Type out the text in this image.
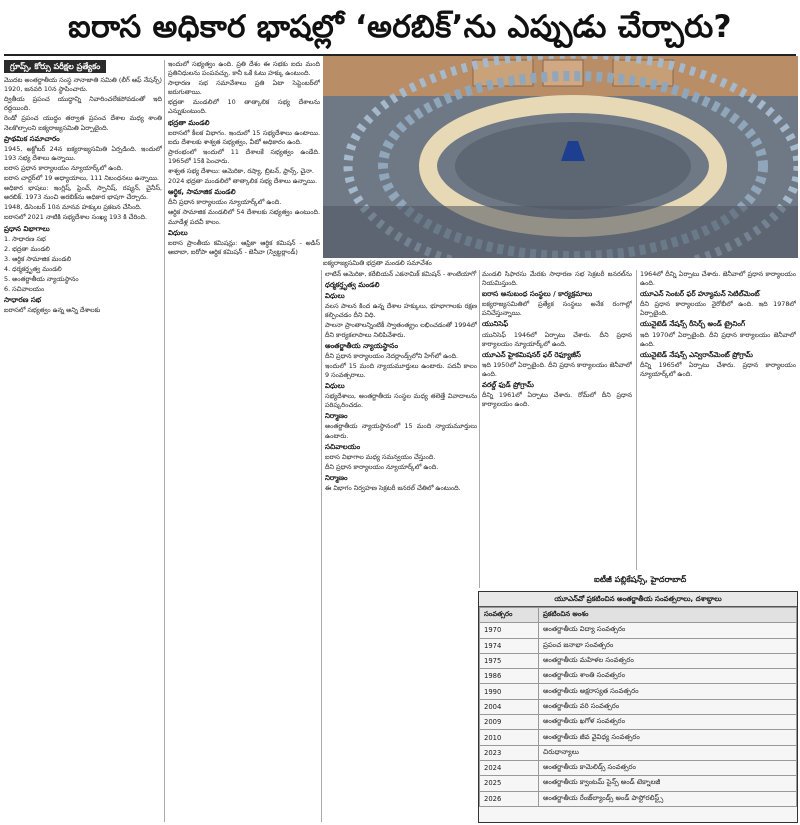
ఐరాస అధికార భాషల్లో ‘అరబిక్’ను ఎప్పుడు చేర్చారు?
గ్రూప్స్, కోర్సు పరీక్షల ప్రత్యేకం

మొదట అంతర్జాతీయ సంస్థ నానాజాతి సమితి (లీగ్ ఆఫ్ నేషన్స్) 1920, జనవరి 10న స్థాపించారు.

ద్వితీయ ప్రపంచ యుద్ధాన్ని నివారించలేకపోవడంతో ఇది రద్దయింది.

రెండో ప్రపంచ యుద్ధం తర్వాత ప్రపంచ దేశాల మధ్య శాంతి నెలకొల్పాలని ఐక్యరాజ్యసమితి ఏర్పాటైంది.

ప్రాథమిక సమాచారం

1945, అక్టోబర్ 24న ఐక్యరాజ్యసమితి ఏర్పడింది. ఇందులో 193 సభ్య దేశాలు ఉన్నాయి.

ఐరాస ప్రధాన కార్యాలయం న్యూయార్క్‌లో ఉంది.

ఐరాస చార్టర్‌లో 19 అధ్యాయాలు, 111 నిబంధనలు ఉన్నాయి.

అధికార భాషలు: ఇంగ్లిష్, ఫ్రెంచ్, స్పానిష్, రష్యన్, చైనీస్, అరబిక్. 1973 నుంచి అరబిక్‌ను అధికార భాషగా చేర్చారు.

1948, డిసెంబర్ 10న మానవ హక్కుల ప్రకటన చేసింది.

ఐరాసలో 2021 నాటికి సభ్యదేశాల సంఖ్య 193 కి చేరింది.

ప్రధాన విభాగాలు

1. సాధారణ సభ

2. భద్రతా మండలి

3. ఆర్థిక సామాజిక మండలి

4. ధర్మకర్తృత్వ మండలి

5. అంతర్జాతీయ న్యాయస్థానం

6. సచివాలయం

సాధారణ సభ

ఐరాసలో సభ్యత్వం ఉన్న అన్ని దేశాలకు

ఇందులో సభ్యత్వం ఉంది. ప్రతి దేశం ఈ సభకు ఐదు మంది ప్రతినిధులను పంపవచ్చు. కానీ ఒకే ఓటు హక్కు ఉంటుంది.

సాధారణ సభ సమావేశాలు ప్రతి ఏటా సెప్టెంబర్‌లో జరుగుతాయి.

భద్రతా మండలిలో 10 తాత్కాలిక సభ్య దేశాలను ఎన్నుకుంటుంది.

భద్రతా మండలి

ఐరాసలో కీలక విభాగం. ఇందులో 15 సభ్యదేశాలు ఉంటాయి. ఐదు దేశాలకు శాశ్వత సభ్యత్వం, వీటో అధికారం ఉంది.

ప్రారంభంలో ఇందులో 11 దేశాలకే సభ్యత్వం ఉండేది. 1965లో 15కి పెంచారు.

శాశ్వత సభ్య దేశాలు: అమెరికా, రష్యా, బ్రిటన్, ఫ్రాన్స్, చైనా.

2024 భద్రతా మండలిలో తాత్కాలిక సభ్య దేశాలు ఉన్నాయి.

ఆర్థిక, సామాజిక మండలి

దీని ప్రధాన కార్యాలయం న్యూయార్క్‌లో ఉంది.

ఆర్థిక సామాజిక మండలిలో 54 దేశాలకు సభ్యత్వం ఉంటుంది. మూడేళ్ల పదవీ కాలం.

విధులు

ఐరాస ప్రాంతీయ కమిషన్లు: ఆఫ్రికా ఆర్థిక కమిషన్ - అడిస్ అబాబా, ఐరోపా ఆర్థిక కమిషన్ - జెనీవా (స్విట్జర్లాండ్)

ఐక్యరాజ్యసమితి భద్రతా మండలి సమావేశం

లాటిన్ అమెరికా, కరేబియన్ ఎకనామిక్ కమిషన్ - శాంటియాగో

ధర్మకర్తృత్వ మండలి
విధులు

వలస పాలన కింద ఉన్న దేశాల హక్కులు, భూభాగాలకు రక్షణ కల్పించడం దీని విధి.

పాలనా ప్రాంతాలన్నింటికీ స్వాతంత్య్రం లభించడంతో 1994లో దీని కార్యకలాపాలు నిలిపివేశారు.

అంతర్జాతీయ న్యాయస్థానం

దీని ప్రధాన కార్యాలయం నెదర్లాండ్స్‌లోని హేగ్‌లో ఉంది.

ఇందులో 15 మంది న్యాయమూర్తులు ఉంటారు. పదవీ కాలం 9 సంవత్సరాలు.

విధులు

సభ్యదేశాలు, అంతర్జాతీయ సంస్థల మధ్య తలెత్తే వివాదాలను పరిష్కరించడం.

నిర్మాణం

అంతర్జాతీయ న్యాయస్థానంలో 15 మంది న్యాయమూర్తులు ఉంటారు.

సచివాలయం

ఐరాస విభాగాల మధ్య సమన్వయం చేస్తుంది.

దీని ప్రధాన కార్యాలయం న్యూయార్క్‌లో ఉంది.

నిర్మాణం

ఈ విభాగం నిర్వహణ సెక్రటరీ జనరల్ చేతిలో ఉంటుంది.

మండలి సిఫారసు మేరకు సాధారణ సభ సెక్రటరీ జనరల్‌ను నియమిస్తుంది.

ఐరాస అనుబంధ సంస్థలు / కార్యక్రమాలు

ఐక్యరాజ్యసమితిలో ప్రత్యేక సంస్థలు అనేక రంగాల్లో పనిచేస్తున్నాయి.

యునిసెఫ్

యునిసెఫ్ 1946లో ఏర్పాటు చేశారు. దీని ప్రధాన కార్యాలయం న్యూయార్క్‌లో ఉంది.

యూఎన్‌ హైకమిషనర్‌ ఫర్‌ రెఫ్యూజీస్‌

ఇది 1950లో ఏర్పాటైంది. దీని ప్రధాన కార్యాలయం జెనీవాలో ఉంది.

వరల్డ్‌ ఫుడ్‌ ప్రోగ్రామ్‌

దీన్ని 1961లో ఏర్పాటు చేశారు. రోమ్‌లో దీని ప్రధాన కార్యాలయం ఉంది.

1964లో దీన్ని ఏర్పాటు చేశారు. జెనీవాలో ప్రధాన కార్యాలయం ఉంది.

యూఎన్‌ సెంటర్‌ ఫర్‌ హ్యూమన్‌ సెటిల్‌మెంట్‌

దీని ప్రధాన కార్యాలయం నైరోబీలో ఉంది. ఇది 1978లో ఏర్పాటైంది.

యునైటెడ్‌ నేషన్స్‌ రీసెర్చ్‌ అండ్‌ ట్రైనింగ్‌

ఇది 1970లో ఏర్పాటైంది. దీని ప్రధాన కార్యాలయం జెనీవాలో ఉంది.

యునైటెడ్‌ నేషన్స్‌ ఎన్విరాన్‌మెంట్‌ ప్రోగ్రామ్‌

దీన్ని 1965లో ఏర్పాటు చేశారు. ప్రధాన కార్యాలయం న్యూయార్క్‌లో ఉంది.

ఐటీజీ పబ్లికేషన్స్‌, హైదరాబాద్‌
యూఎన్‌వో ప్రకటించిన అంతర్జాతీయ సంవత్సరాలు, దశాబ్దాలు
సంవత్సరం	ప్రకటించిన అంశం
1970	అంతర్జాతీయ విద్యా సంవత్సరం
1974	ప్రపంచ జనాభా సంవత్సరం
1975	అంతర్జాతీయ మహిళల సంవత్సరం
1986	అంతర్జాతీయ శాంతి సంవత్సరం
1990	అంతర్జాతీయ అక్షరాస్యత సంవత్సరం
2004	అంతర్జాతీయ వరి సంవత్సరం
2009	అంతర్జాతీయ ఖగోళ సంవత్సరం
2010	అంతర్జాతీయ జీవ వైవిధ్య సంవత్సరం
2023	చిరుధాన్యాలు
2024	అంతర్జాతీయ కామెలిడ్స్‌ సంవత్సరం
2025	అంతర్జాతీయ క్వాంటమ్‌ సైన్స్‌ అండ్‌ టెక్నాలజీ
2026	అంతర్జాతీయ రేంజ్‌ల్యాండ్స్‌ అండ్‌ పాస్టోరలిస్ట్స్‌
